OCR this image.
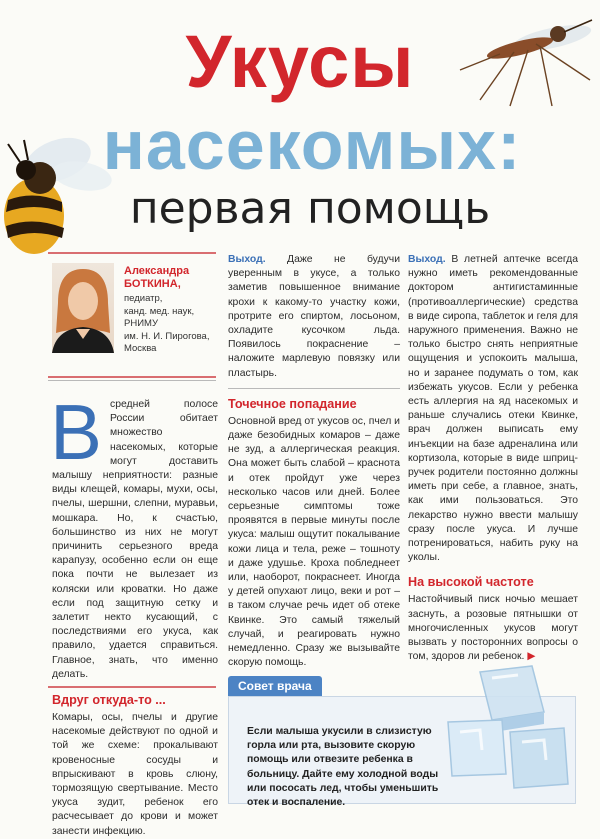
Укусы
насекомых:
первая помощь
Александра
БОТКИНА,
педиатр,
канд. мед. наук,
РНИМУ
им. Н. И. Пирогова,
Москва
Всредней полосе России обитает множество насекомых, которые могут доставить малышу неприятности: разные виды клещей, комары, мухи, осы, пчелы, шершни, слепни, муравьи, мошкара. Но, к счастью, большинство из них не могут причинить серьезного вреда карапузу, особенно если он еще пока почти не вылезает из коляски или кроватки. Но даже если под защитную сетку и залетит некто кусающий, с последствиями его укуса, как правило, удается справиться. Главное, знать, что именно делать.
Вдруг откуда-то ...
Комары, осы, пчелы и другие насекомые действуют по одной и той же схеме: прокалывают кровеносные сосуды и впрыскивают в кровь слюну, тормозящую свертывание. Место укуса зудит, ребенок его расчесывает до крови и может занести инфекцию.
Выход. Даже не будучи уверенным в укусе, а только заметив повышенное внимание крохи к какому-то участку кожи, протрите его спиртом, лосьоном, охладите кусочком льда. Появилось покраснение – наложите марлевую повязку или пластырь.
Точечное попадание
Основной вред от укусов ос, пчел и даже безобидных комаров – даже не зуд, а аллергическая реакция. Она может быть слабой – краснота и отек пройдут уже через несколько часов или дней. Более серьезные симптомы тоже проявятся в первые минуты после укуса: малыш ощутит покалывание кожи лица и тела, реже – тошноту и даже удушье. Кроха побледнеет или, наоборот, покраснеет. Иногда у детей опухают лицо, веки и рот – в таком случае речь идет об отеке Квинке. Это самый тяжелый случай, и реагировать нужно немедленно. Сразу же вызывайте скорую помощь.
Выход. В летней аптечке всегда нужно иметь рекомендованные доктором антигистаминные (противоаллергические) средства в виде сиропа, таблеток и геля для наружного применения. Важно не только быстро снять неприятные ощущения и успокоить малыша, но и заранее подумать о том, как избежать укусов. Если у ребенка есть аллергия на яд насекомых и раньше случались отеки Квинке, врач должен выписать ему инъекции на базе адреналина или кортизола, которые в виде шприц-ручек родители постоянно должны иметь при себе, а главное, знать, как ими пользоваться. Это лекарство нужно ввести малышу сразу после укуса. И лучше потренироваться, набить руку на уколы.
На высокой частоте
Настойчивый писк ночью мешает заснуть, а розовые пятнышки от многочисленных укусов могут вызвать у посторонних вопросы о том, здоров ли ребенок. ▶
Совет врача
Если малыша укусили в слизистую горла или рта, вызовите скорую помощь или отвезите ребенка в больницу. Дайте ему холодной воды или пососать лед, чтобы уменьшить отек и воспаление.
